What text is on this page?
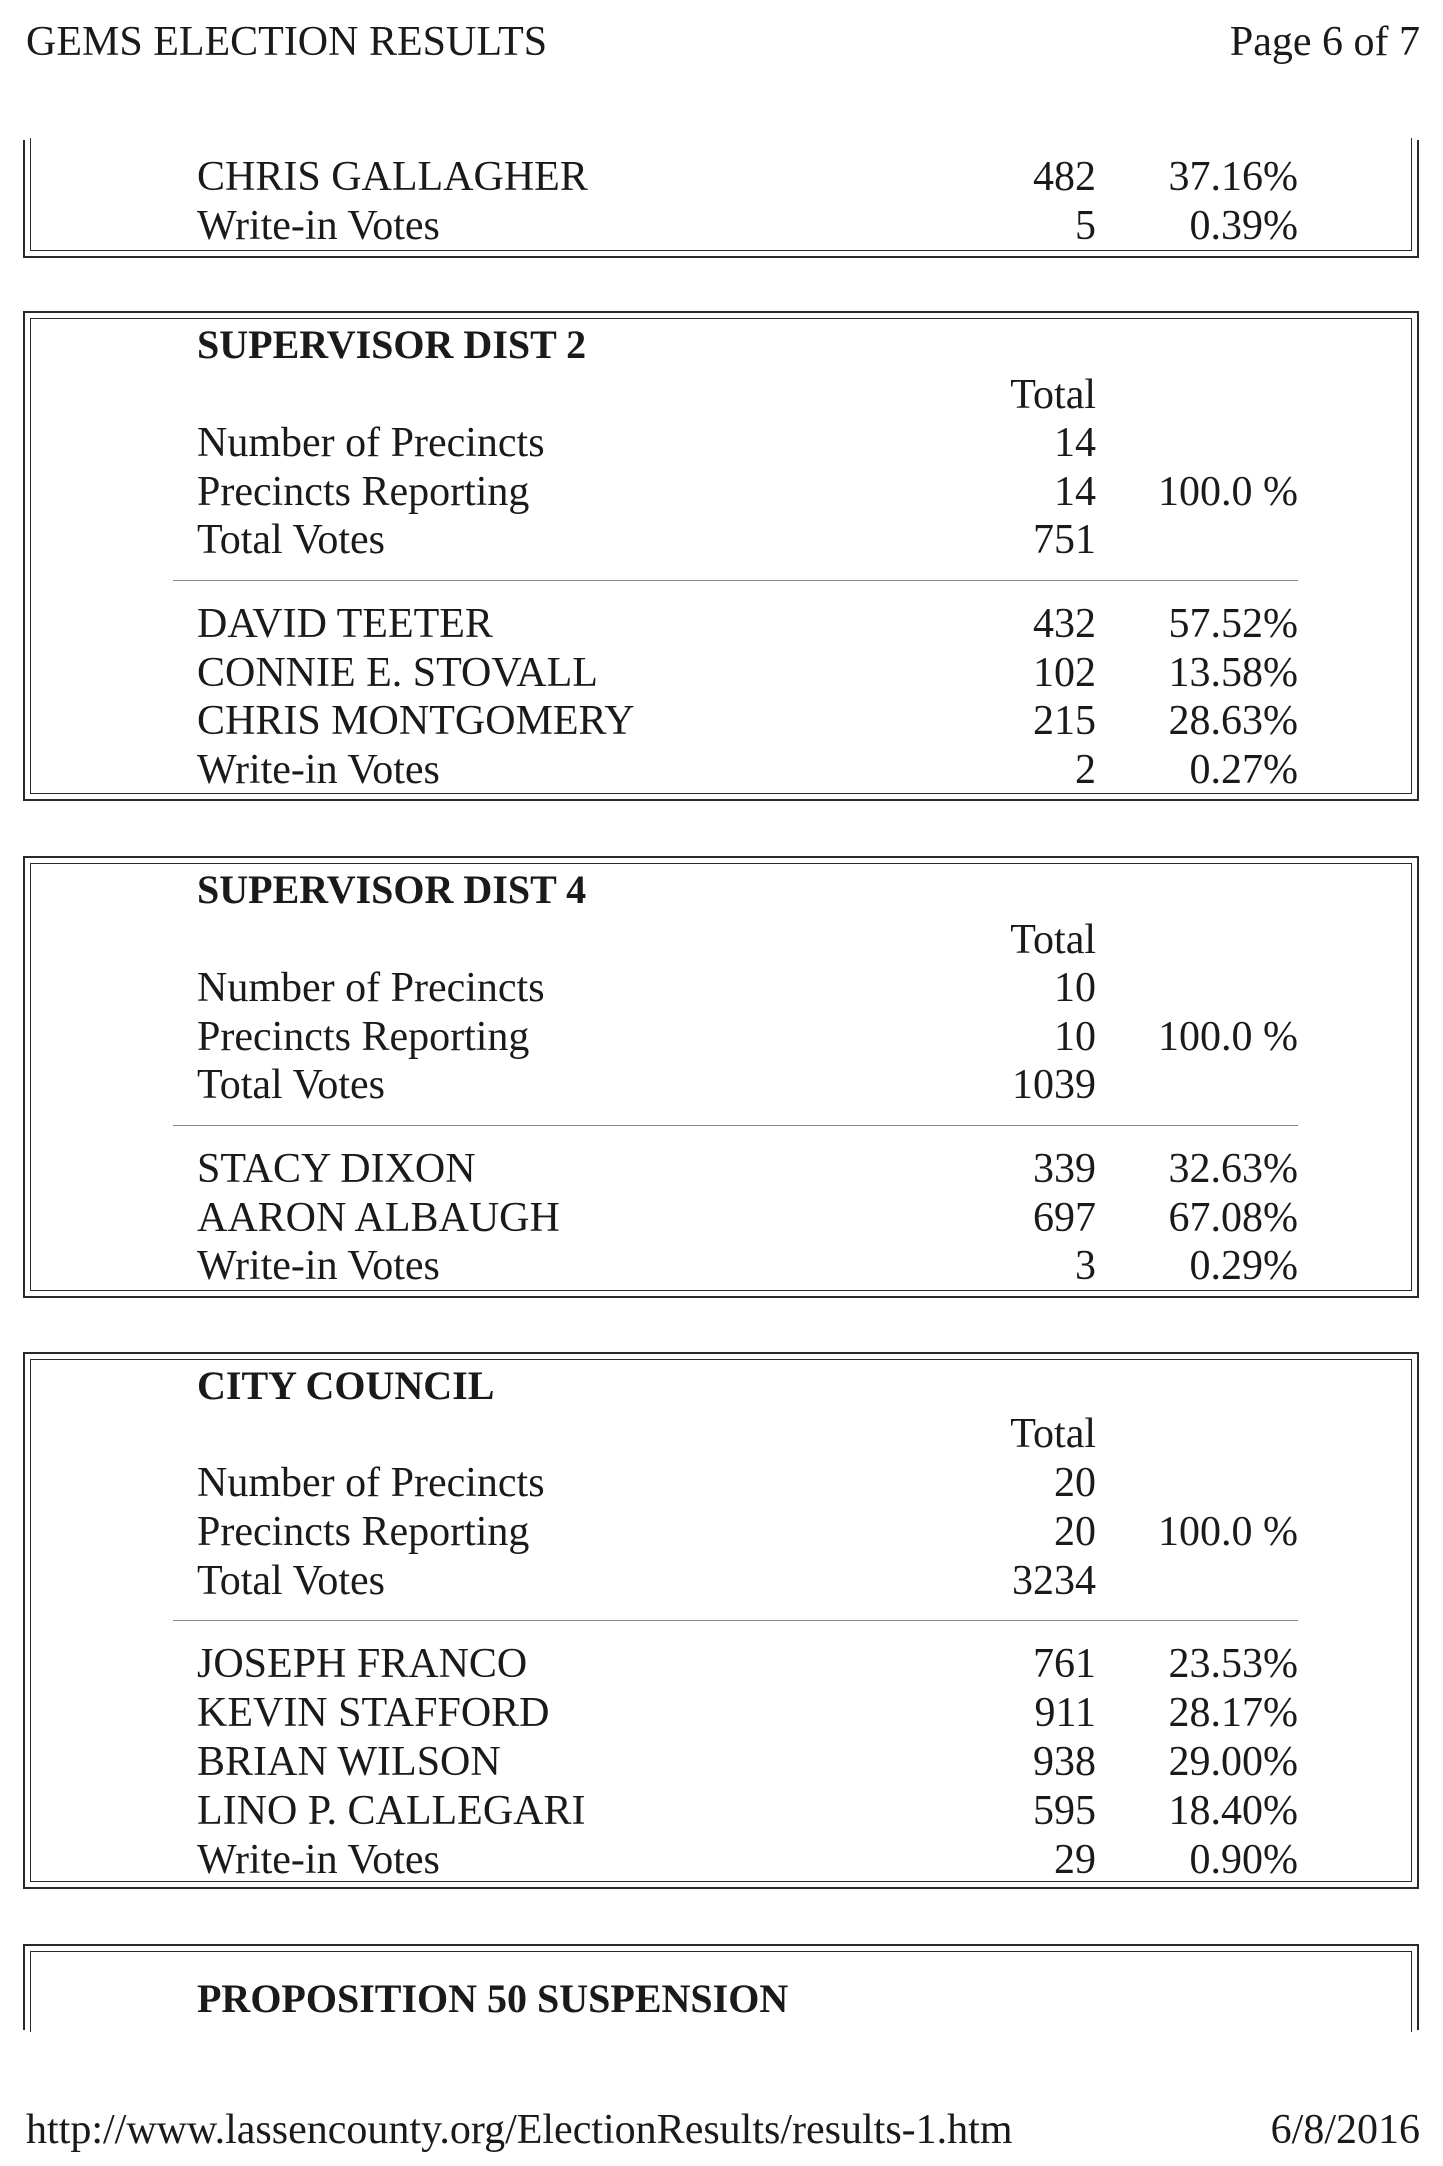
GEMS ELECTION RESULTS	Page 6 of 7
CHRIS GALLAGHER	482 37.16%
Write-in Votes	5 0.39%
SUPERVISOR DIST 2
Total
Number of Precincts	14
Precincts Reporting	14 100.0 %
Total Votes	751
DAVID TEETER	432 57.52%
CONNIE E. STOVALL	102 13.58%
CHRIS MONTGOMERY	215 28.63%
Write-in Votes	2 0.27%
SUPERVISOR DIST 4
Total
Number of Precincts	10
Precincts Reporting	10 100.0 %
Total Votes	1039
STACY DIXON	339 32.63%
AARON ALBAUGH	697 67.08%
Write-in Votes	3 0.29%
CITY COUNCIL
Total
Number of Precincts	20
Precincts Reporting	20 100.0 %
Total Votes	3234
JOSEPH FRANCO	761 23.53%
KEVIN STAFFORD	911 28.17%
BRIAN WILSON	938 29.00%
LINO P. CALLEGARI	595 18.40%
Write-in Votes	29 0.90%
PROPOSITION 50 SUSPENSION
http://www.lassencounty.org/ElectionResults/results-1.htm	6/8/2016
